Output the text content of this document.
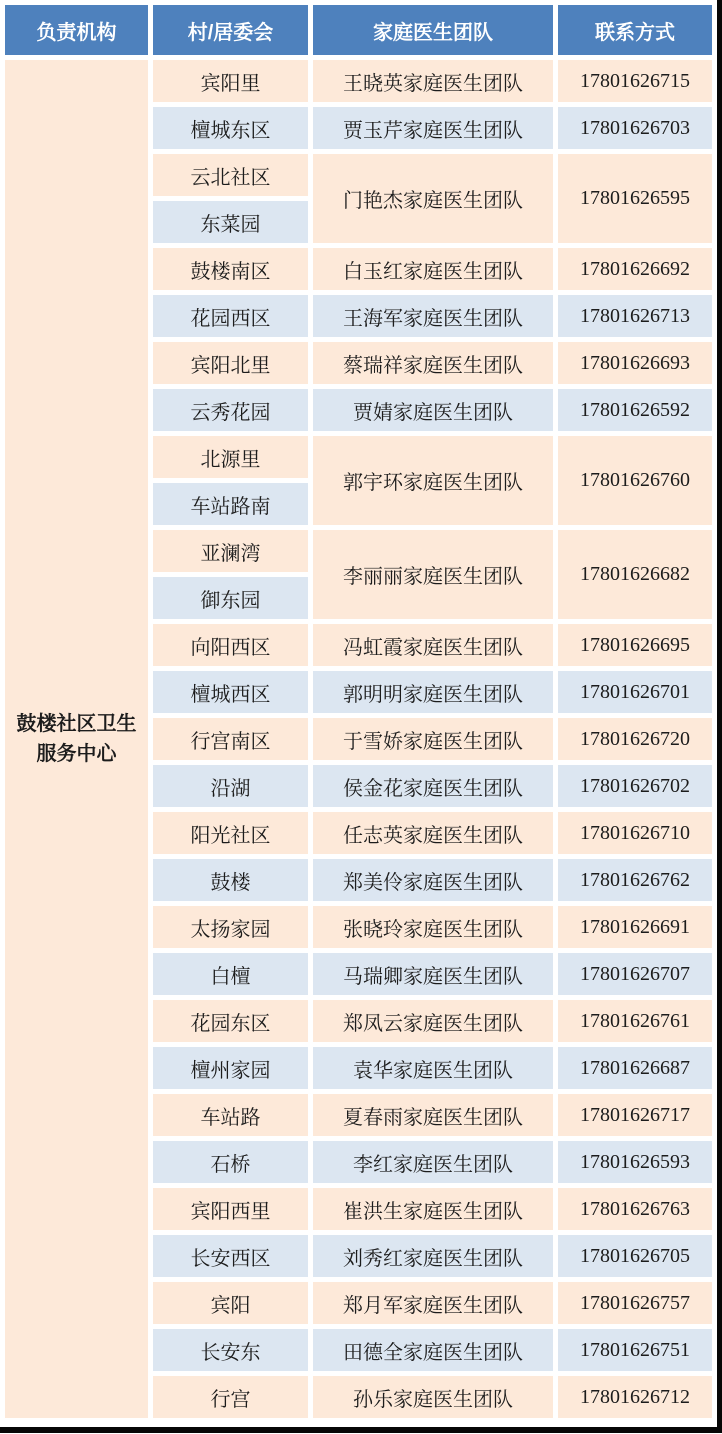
负责机构	村/居委会	家庭医生团队	联系方式
鼓楼社区卫生服务中心	宾阳里	王晓英家庭医生团队	17801626715
	檀城东区	贾玉芹家庭医生团队	17801626703
	云北社区	门艳杰家庭医生团队	17801626595
	东菜园		
	鼓楼南区	白玉红家庭医生团队	17801626692
	花园西区	王海军家庭医生团队	17801626713
	宾阳北里	蔡瑞祥家庭医生团队	17801626693
	云秀花园	贾婧家庭医生团队	17801626592
	北源里	郭宇环家庭医生团队	17801626760
	车站路南		
	亚澜湾	李丽丽家庭医生团队	17801626682
	御东园		
	向阳西区	冯虹霞家庭医生团队	17801626695
	檀城西区	郭明明家庭医生团队	17801626701
	行宫南区	于雪娇家庭医生团队	17801626720
	沿湖	侯金花家庭医生团队	17801626702
	阳光社区	任志英家庭医生团队	17801626710
	鼓楼	郑美伶家庭医生团队	17801626762
	太扬家园	张晓玲家庭医生团队	17801626691
	白檀	马瑞卿家庭医生团队	17801626707
	花园东区	郑凤云家庭医生团队	17801626761
	檀州家园	袁华家庭医生团队	17801626687
	车站路	夏春雨家庭医生团队	17801626717
	石桥	李红家庭医生团队	17801626593
	宾阳西里	崔洪生家庭医生团队	17801626763
	长安西区	刘秀红家庭医生团队	17801626705
	宾阳	郑月军家庭医生团队	17801626757
	长安东	田德全家庭医生团队	17801626751
	行宫	孙乐家庭医生团队	17801626712
